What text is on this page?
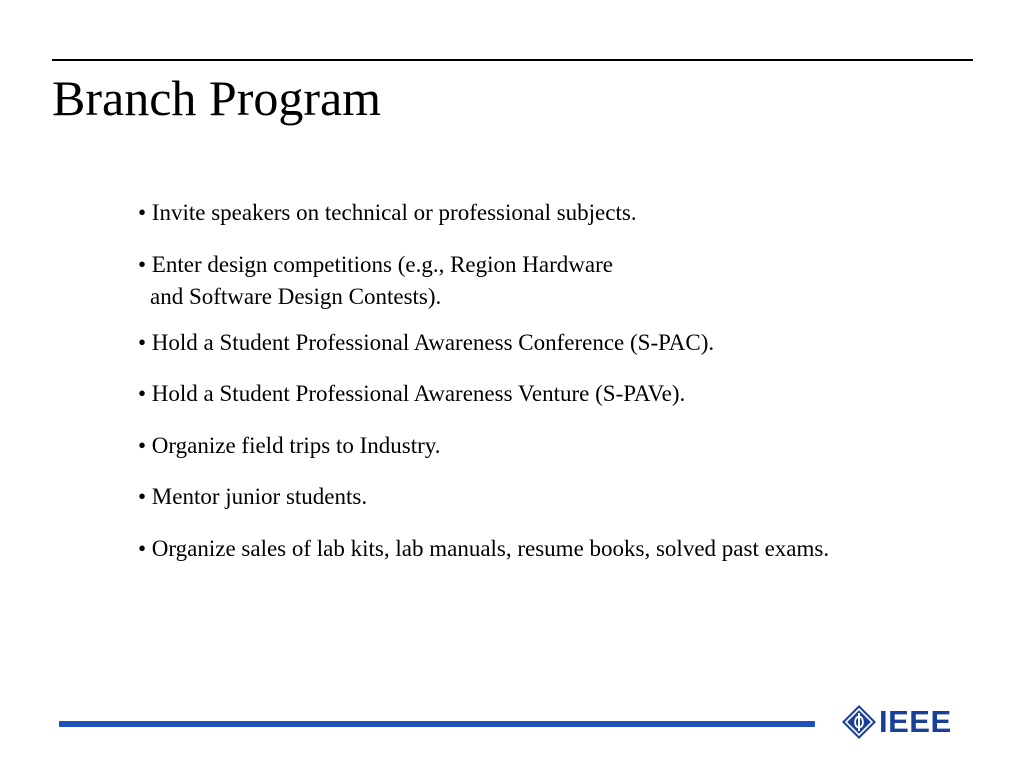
Branch Program
• Invite speakers on technical or professional subjects.
• Enter design competitions (e.g., Region Hardware
and Software Design Contests).
• Hold a Student Professional Awareness Conference (S-PAC).
• Hold a Student Professional Awareness Venture (S-PAVe).
• Organize field trips to Industry.
• Mentor junior students.
• Organize sales of lab kits, lab manuals, resume books, solved past exams.
IEEE
